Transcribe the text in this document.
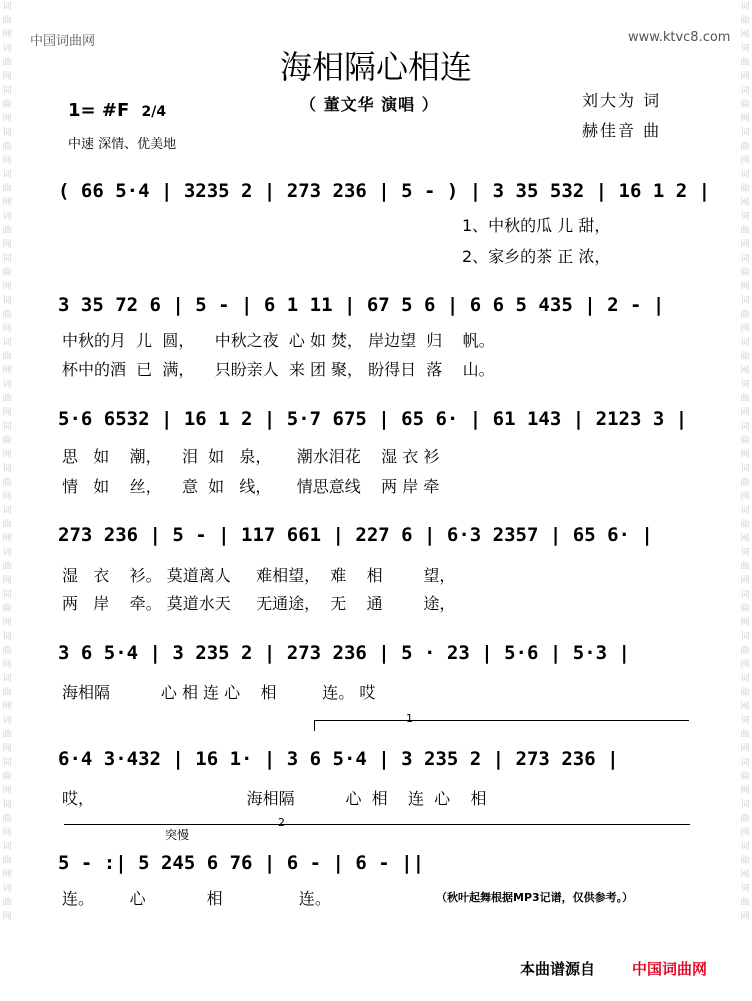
词曲网词曲网词曲网词曲网词曲网词曲网词曲网词曲网词曲网词曲网词曲网词曲网词曲网词曲网词曲网词曲网词曲网词曲网词曲网词曲网词曲网词曲网
词曲网词曲网词曲网词曲网词曲网词曲网词曲网词曲网词曲网词曲网词曲网词曲网词曲网词曲网词曲网词曲网词曲网词曲网词曲网词曲网词曲网词曲网
中国词曲网	www.ktvc8.com
海相隔心相连
（ 董文华 演唱 ）	刘大为 词
赫佳音 曲
1= #F 2/4
中速 深情、优美地
( 66 5·4 | 3235 2 | 273 236 | 5 - ) | 3 35 532 | 16 1 2 |
1、中秋的瓜 儿 甜，
2、家乡的茶 正 浓，
3 35 72 6 | 5 - | 6 1 11 | 67 5 6 | 6 6 5 435 | 2 - |
中秋的月  儿  圆，    中秋之夜  心 如 焚， 岸边望  归    帆。
杯中的酒  已  满，    只盼亲人  来 团 聚， 盼得日  落    山。
5·6 6532 | 16 1 2 | 5·7 675 | 65 6· | 61 143 | 2123 3 |
思   如    潮，    泪  如   泉，     潮水泪花    湿 衣 衫
情   如    丝，    意  如   线，     情思意线    两 岸 牵
273 236 | 5 - | 117 661 | 227 6 | 6·3 2357 | 65 6· |
湿   衣    衫。 莫道离人     难相望，  难    相        望，
两   岸    牵。 莫道水天     无通途，  无    通        途，
3 6 5·4 | 3 235 2 | 273 236 | 5 · 23 | 5·6 | 5·3 |
海相隔          心 相 连 心    相         连。 哎
1
6·4 3·432 | 16 1· | 3 6 5·4 | 3 235 2 | 273 236 |
哎，                              海相隔          心  相    连  心    相
2
突慢
5 - :| 5 245 6 76 | 6 - | 6 - ||
连。       心            相               连。	（秋叶起舞根据MP3记谱，仅供参考。）
本曲谱源自 中国词曲网
